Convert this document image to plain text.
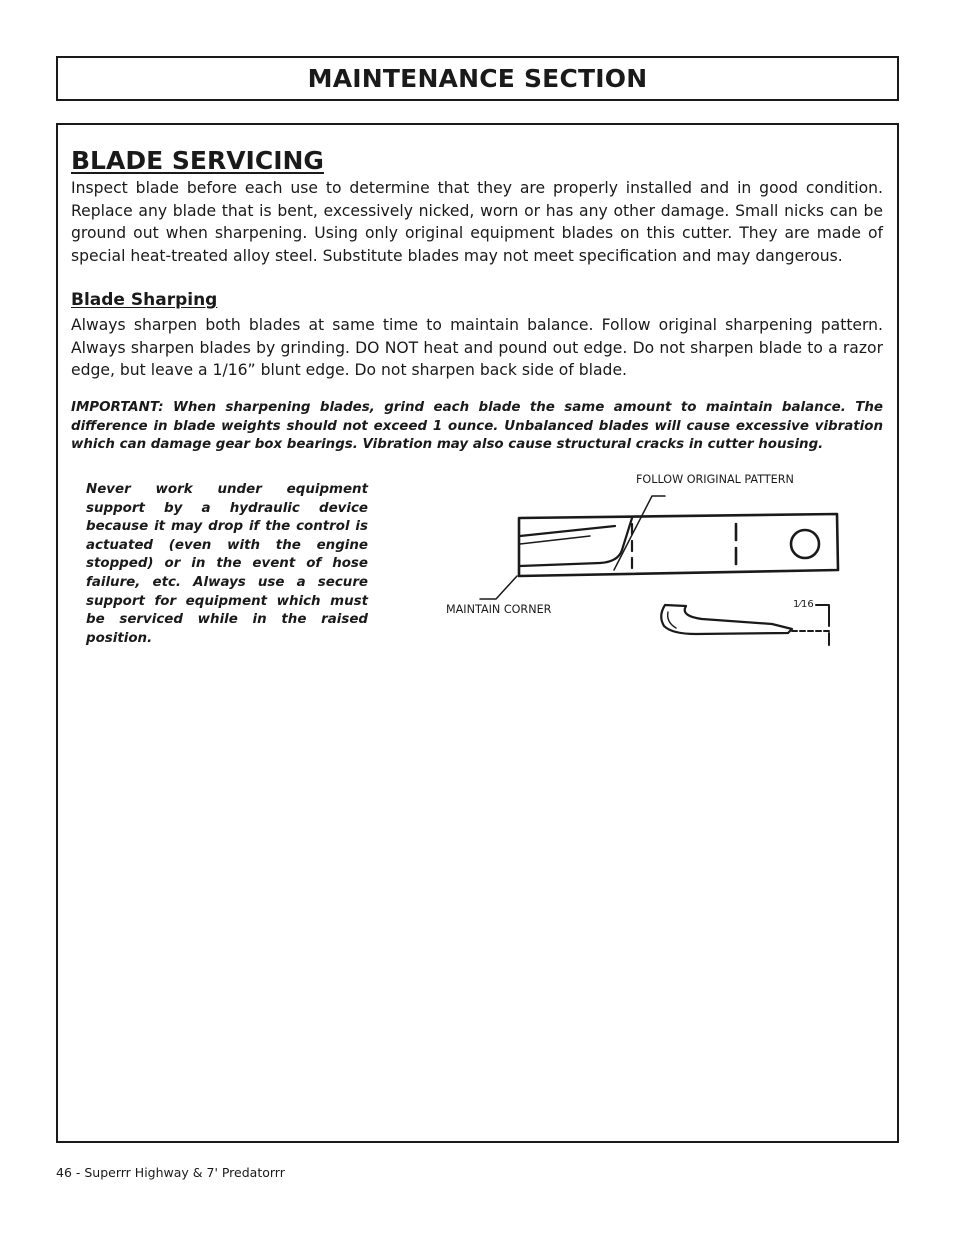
MAINTENANCE SECTION
BLADE SERVICING

Inspect blade before each use to determine that they are properly installed and in good condition. Replace any blade that is bent, excessively nicked, worn or has any other damage. Small nicks can be ground out when sharpening. Using only original equipment blades on this cutter. They are made of special heat-treated alloy steel. Substitute blades may not meet specification and may dangerous.

Blade Sharping

Always sharpen both blades at same time to maintain balance. Follow original sharpening pattern. Always sharpen blades by grinding. DO NOT heat and pound out edge. Do not sharpen blade to a razor edge, but leave a 1/16” blunt edge. Do not sharpen back side of blade.

IMPORTANT: When sharpening blades, grind each blade the same amount to maintain balance. The difference in blade weights should not exceed 1 ounce. Unbalanced blades will cause excessive vibration which can damage gear box bearings. Vibration may also cause structural cracks in cutter housing.

Never work under equipment support by a hydraulic device because it may drop if the control is actuated (even with the engine stopped) or in the event of hose failure, etc. Always use a secure support for equipment which must be serviced while in the raised position.

FOLLOW ORIGINAL PATTERN
MAINTAIN CORNER	1⁄16

46 - Superrr Highway & 7' Predatorrr
